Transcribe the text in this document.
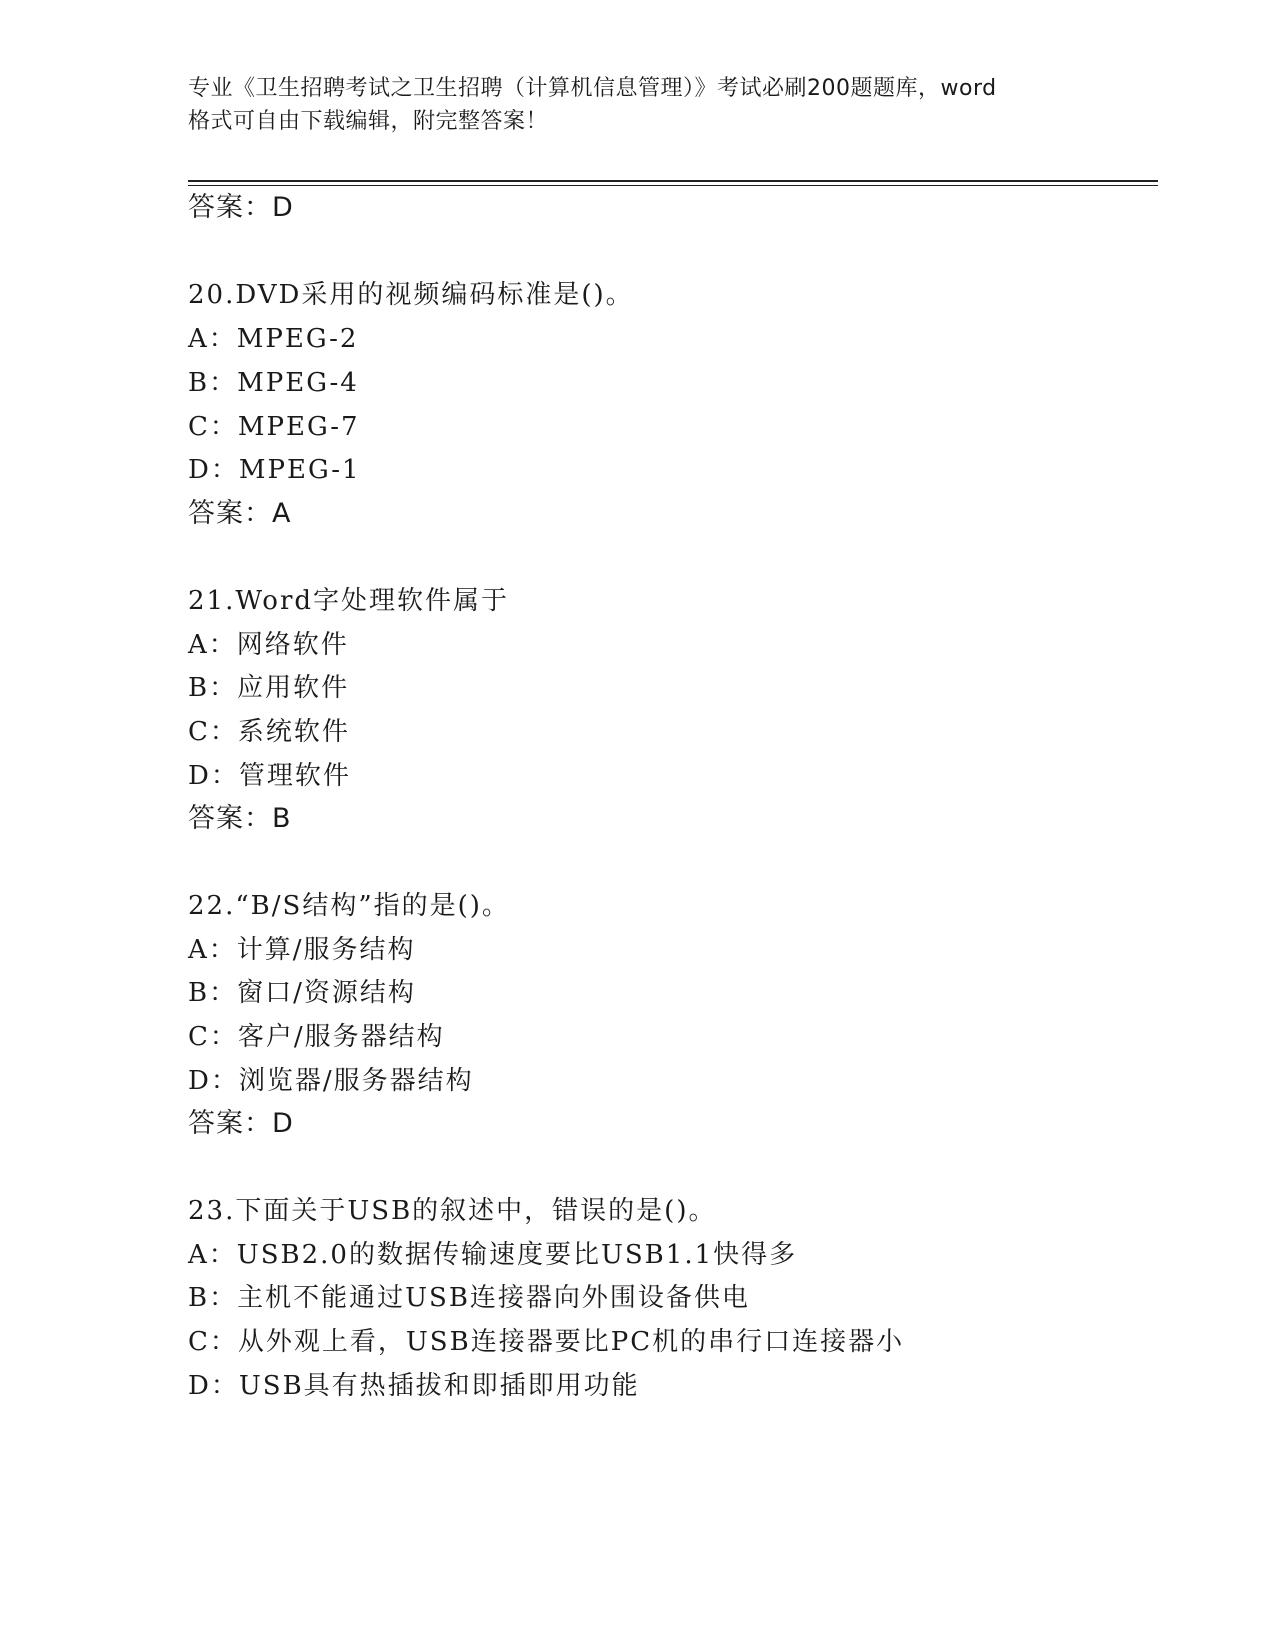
专业《卫生招聘考试之卫生招聘（计算机信息管理）》考试必刷200题题库，word
格式可自由下载编辑，附完整答案！
答案：D
20.DVD采用的视频编码标准是()。
A：MPEG-2
B：MPEG-4
C：MPEG-7
D：MPEG-1
答案：A
21.Word字处理软件属于
A：网络软件
B：应用软件
C：系统软件
D：管理软件
答案：B
22.“B/S结构”指的是()。
A：计算/服务结构
B：窗口/资源结构
C：客户/服务器结构
D：浏览器/服务器结构
答案：D
23.下面关于USB的叙述中，错误的是()。
A：USB2.0的数据传输速度要比USB1.1快得多
B：主机不能通过USB连接器向外围设备供电
C：从外观上看，USB连接器要比PC机的串行口连接器小
D：USB具有热插拔和即插即用功能
